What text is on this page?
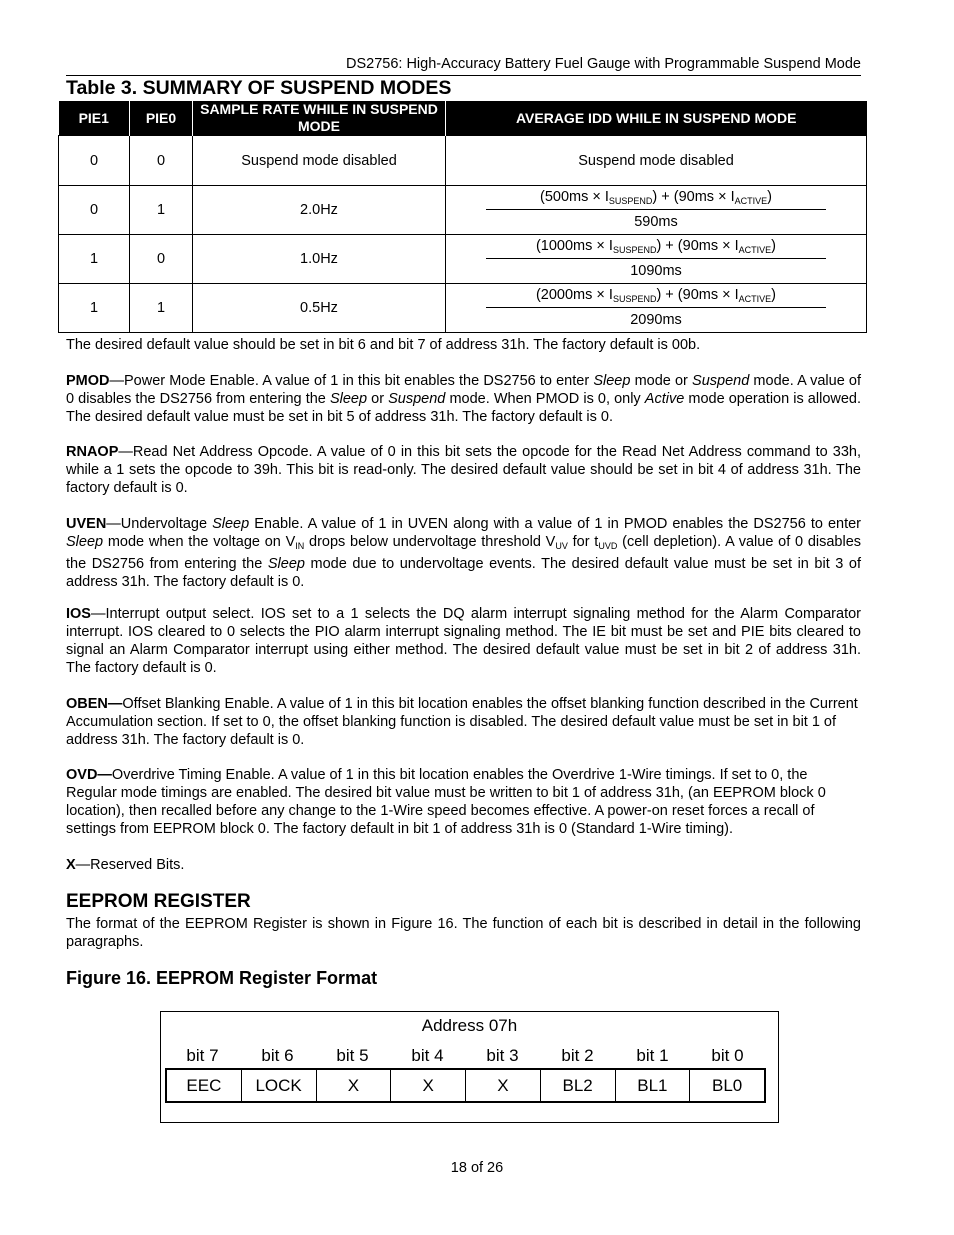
DS2756: High-Accuracy Battery Fuel Gauge with Programmable Suspend Mode
Table 3. SUMMARY OF SUSPEND MODES
PIE1	PIE0	SAMPLE RATE WHILE IN SUSPEND MODE	AVERAGE IDD WHILE IN SUSPEND MODE
0	0	Suspend mode disabled	Suspend mode disabled
0	1	2.0Hz	$(500ms \times I_{SUSPEND}) + (90ms \times I_{ACTIVE})$
590ms

1	0	1.0Hz	$(1000ms \times I_{SUSPEND}) + (90ms \times I_{ACTIVE})$
1090ms

1	1	0.5Hz	$(2000ms \times I_{SUSPEND}) + (90ms \times I_{ACTIVE})$
2090ms
The desired default value should be set in bit 6 and bit 7 of address 31h. The factory default is 00b.
PMOD—Power Mode Enable. A value of 1 in this bit enables the DS2756 to enter Sleep mode or Suspend mode. A value of 0 disables the DS2756 from entering the Sleep or Suspend mode. When PMOD is 0, only Active mode operation is allowed. The desired default value must be set in bit 5 of address 31h. The factory default is 0.
RNAOP—Read Net Address Opcode. A value of 0 in this bit sets the opcode for the Read Net Address command to 33h, while a 1 sets the opcode to 39h. This bit is read-only. The desired default value should be set in bit 4 of address 31h. The factory default is 0.
UVEN—Undervoltage Sleep Enable. A value of 1 in UVEN along with a value of 1 in PMOD enables the DS2756 to enter Sleep mode when the voltage on $V_{IN}$ drops below undervoltage threshold $V_{UV}$ for $t_{UVD}$ (cell depletion). A value of 0 disables the DS2756 from entering the Sleep mode due to undervoltage events. The desired default value must be set in bit 3 of address 31h. The factory default is 0.
IOS—Interrupt output select. IOS set to a 1 selects the DQ alarm interrupt signaling method for the Alarm Comparator interrupt. IOS cleared to 0 selects the PIO alarm interrupt signaling method. The IE bit must be set and PIE bits cleared to signal an Alarm Comparator interrupt using either method. The desired default value must be set in bit 2 of address 31h. The factory default is 0.
OBEN—Offset Blanking Enable. A value of 1 in this bit location enables the offset blanking function described in the Current Accumulation section. If set to 0, the offset blanking function is disabled. The desired default value must be set in bit 1 of address 31h. The factory default is 0.
OVD—Overdrive Timing Enable. A value of 1 in this bit location enables the Overdrive 1-Wire timings. If set to 0, the Regular mode timings are enabled. The desired bit value must be written to bit 1 of address 31h, (an EEPROM block 0 location), then recalled before any change to the 1-Wire speed becomes effective. A power-on reset forces a recall of settings from EEPROM block 0. The factory default in bit 1 of address 31h is 0 (Standard 1-Wire timing).
X—Reserved Bits.
EEPROM REGISTER
The format of the EEPROM Register is shown in Figure 16. The function of each bit is described in detail in the following paragraphs.
Figure 16. EEPROM Register Format
Address 07h
bit 7	bit 6	bit 5	bit 4	bit 3	bit 2	bit 1	bit 0
EEC	LOCK	X	X	X	BL2	BL1	BL0
18 of 26
